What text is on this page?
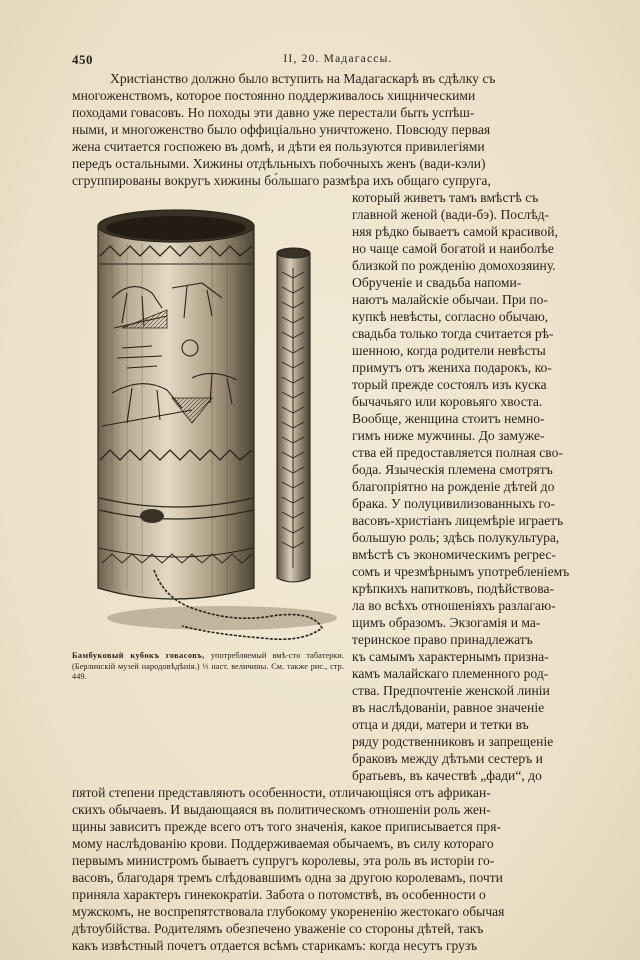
450	II, 20. Мадагассы.
Христіанство должно было вступить на Мадагаскарѣ въ сдѣлку съ
многоженствомъ, которое постоянно поддерживалось хищническими
походами говасовъ. Но походы эти давно уже перестали быть успѣш-
ными, и многоженство было оффиціально уничтожено. Повсюду первая
жена считается госпожею въ домѣ, и дѣти ея пользуются привилегіями
передъ остальными. Хижины отдѣльныхъ побочныхъ женъ (вади-кэли)
сгруппированы вокругъ хижины бо́льшаго размѣра ихъ общаго супруга,
который живетъ тамъ вмѣстѣ съ
главной женой (вади-бэ). Послѣд-
няя рѣдко бываетъ самой красивой,
но чаще самой богатой и наиболѣе
близкой по рожденію домохозяину.
Обрученіе и свадьба напоми-
наютъ малайскіе обычаи. При по-
купкѣ невѣсты, согласно обычаю,
свадьба только тогда считается рѣ-
шенною, когда родители невѣсты
примутъ отъ жениха подарокъ, ко-
торый прежде состоялъ изъ куска
бычачьяго или коровьяго хвоста.
Вообще, женщина стоитъ немно-
гимъ ниже мужчины. До замуже-
ства ей предоставляется полная сво-
бода. Языческія племена смотрятъ
благопріятно на рожденіе дѣтей до
брака. У полуцивилизованныхъ го-
васовъ-христіанъ лицемѣріе играетъ
большую роль; здѣсь полукультура,
вмѣстѣ съ экономическимъ регрес-
сомъ и чрезмѣрнымъ употребленіемъ
крѣпкихъ напитковъ, подѣйствова-
ла во всѣхъ отношеніяхъ разлагаю-
щимъ образомъ. Экзогамія и ма-
теринское право принадлежатъ
къ самымъ характернымъ призна-
камъ малайскаго племенного род-
ства. Предпочтеніе женской линіи
въ наслѣдованіи, равное значеніе
отца и дяди, матери и тетки въ
ряду родственниковъ и запрещеніе
браковъ между дѣтьми сестеръ и
братьевъ, въ качествѣ „фади“, до
пятой степени представляютъ особенности, отличающіяся отъ африкан-
скихъ обычаевъ. И выдающаяся въ политическомъ отношеніи роль жен-
щины зависитъ прежде всего отъ того значенія, какое приписывается пря-
мому наслѣдованію крови. Поддерживаемая обычаемъ, въ силу котораго
первымъ министромъ бываетъ супругъ королевы, эта роль въ исторіи го-
васовъ, благодаря тремъ слѣдовавшимъ одна за другою королевамъ, почти
приняла характеръ гинекократіи. Забота о потомствѣ, въ особенности о
мужскомъ, не воспрепятствовала глубокому укорененію жестокаго обычая
дѣтоубійства. Родителямъ обезпечено уваженіе со стороны дѣтей, такъ
какъ извѣстный почетъ отдается всѣмъ старикамъ: когда несутъ грузъ
Бамбуковый кубокъ говасовъ, употребляемый вмѣ-сто табатерки. (Берлинскій музей народовѣдѣнія.) ⅓ наст. величины. См. также рис., стр. 449.
